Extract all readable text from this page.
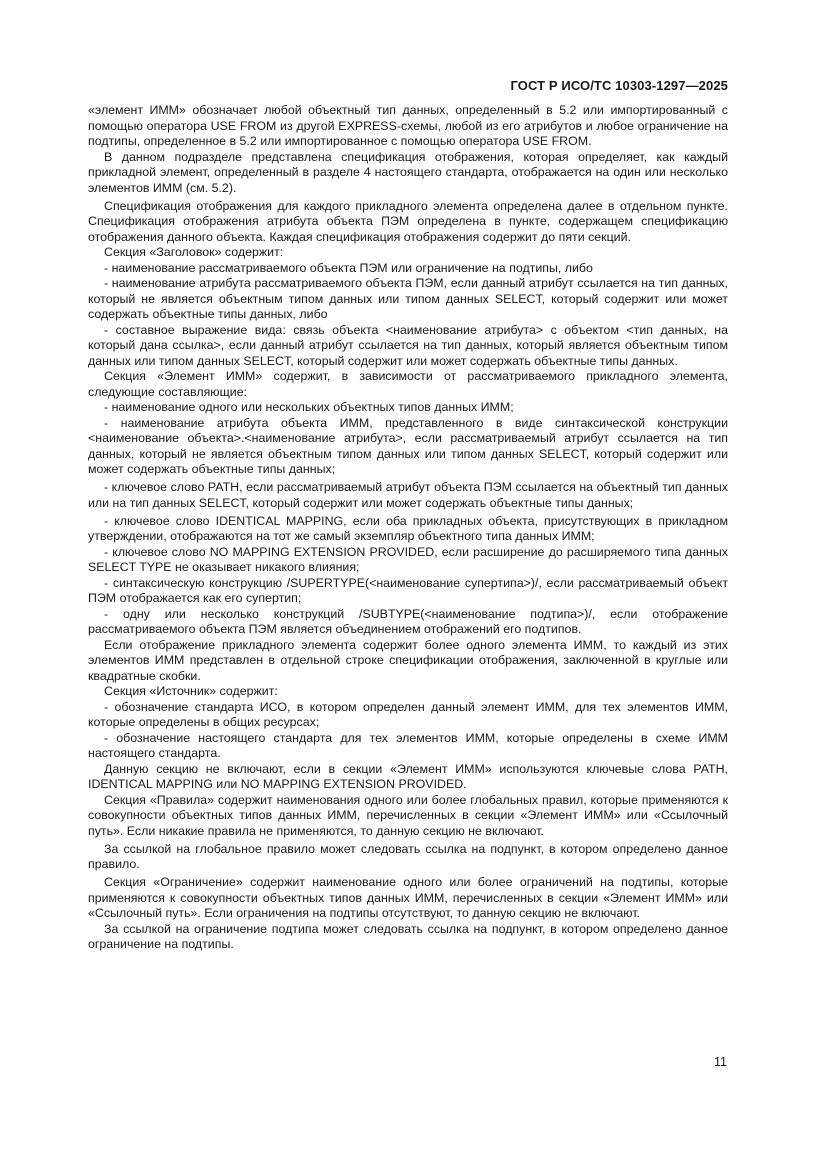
ГОСТ Р ИСО/ТС 10303-1297—2025

«элемент ИММ» обозначает любой объектный тип данных, определенный в 5.2 или импортированный с помощью оператора USE FROM из другой EXPRESS-схемы, любой из его атрибутов и любое ограничение на подтипы, определенное в 5.2 или импортированное с помощью оператора USE FROM.

В данном подразделе представлена спецификация отображения, которая определяет, как каждый прикладной элемент, определенный в разделе 4 настоящего стандарта, отображается на один или несколько элементов ИММ (см. 5.2).

Спецификация отображения для каждого прикладного элемента определена далее в отдельном пункте. Спецификация отображения атрибута объекта ПЭМ определена в пункте, содержащем спецификацию отображения данного объекта. Каждая спецификация отображения содержит до пяти секций.

Секция «Заголовок» содержит:

- наименование рассматриваемого объекта ПЭМ или ограничение на подтипы, либо

- наименование атрибута рассматриваемого объекта ПЭМ, если данный атрибут ссылается на тип данных, который не является объектным типом данных или типом данных SELECT, который содержит или может содержать объектные типы данных, либо

- составное выражение вида: связь объекта <наименование атрибута> с объектом <тип данных, на который дана ссылка>, если данный атрибут ссылается на тип данных, который является объектным типом данных или типом данных SELECT, который содержит или может содержать объектные типы данных.

Секция «Элемент ИММ» содержит, в зависимости от рассматриваемого прикладного элемента, следующие составляющие:

- наименование одного или нескольких объектных типов данных ИММ;

- наименование атрибута объекта ИММ, представленного в виде синтаксической конструкции <наименование объекта>.<наименование атрибута>, если рассматриваемый атрибут ссылается на тип данных, который не является объектным типом данных или типом данных SELECT, который содержит или может содержать объектные типы данных;

- ключевое слово PATH, если рассматриваемый атрибут объекта ПЭМ ссылается на объектный тип данных или на тип данных SELECT, который содержит или может содержать объектные типы данных;

- ключевое слово IDENTICAL MAPPING, если оба прикладных объекта, присутствующих в прикладном утверждении, отображаются на тот же самый экземпляр объектного типа данных ИММ;

- ключевое слово NO MAPPING EXTENSION PROVIDED, если расширение до расширяемого типа данных SELECT TYPE не оказывает никакого влияния;

- синтаксическую конструкцию /SUPERTYPE(<наименование супертипа>)/, если рассматриваемый объект ПЭМ отображается как его супертип;

- одну или несколько конструкций /SUBTYPE(<наименование подтипа>)/, если отображение рассматриваемого объекта ПЭМ является объединением отображений его подтипов.

Если отображение прикладного элемента содержит более одного элемента ИММ, то каждый из этих элементов ИММ представлен в отдельной строке спецификации отображения, заключенной в круглые или квадратные скобки.

Секция «Источник» содержит:

- обозначение стандарта ИСО, в котором определен данный элемент ИММ, для тех элементов ИММ, которые определены в общих ресурсах;

- обозначение настоящего стандарта для тех элементов ИММ, которые определены в схеме ИММ настоящего стандарта.

Данную секцию не включают, если в секции «Элемент ИММ» используются ключевые слова PATH, IDENTICAL MAPPING или NO MAPPING EXTENSION PROVIDED.

Секция «Правила» содержит наименования одного или более глобальных правил, которые применяются к совокупности объектных типов данных ИММ, перечисленных в секции «Элемент ИММ» или «Ссылочный путь». Если никакие правила не применяются, то данную секцию не включают.

За ссылкой на глобальное правило может следовать ссылка на подпункт, в котором определено данное правило.

Секция «Ограничение» содержит наименование одного или более ограничений на подтипы, которые применяются к совокупности объектных типов данных ИММ, перечисленных в секции «Элемент ИММ» или «Ссылочный путь». Если ограничения на подтипы отсутствуют, то данную секцию не включают.

За ссылкой на ограничение подтипа может следовать ссылка на подпункт, в котором определено данное ограничение на подтипы.

11
